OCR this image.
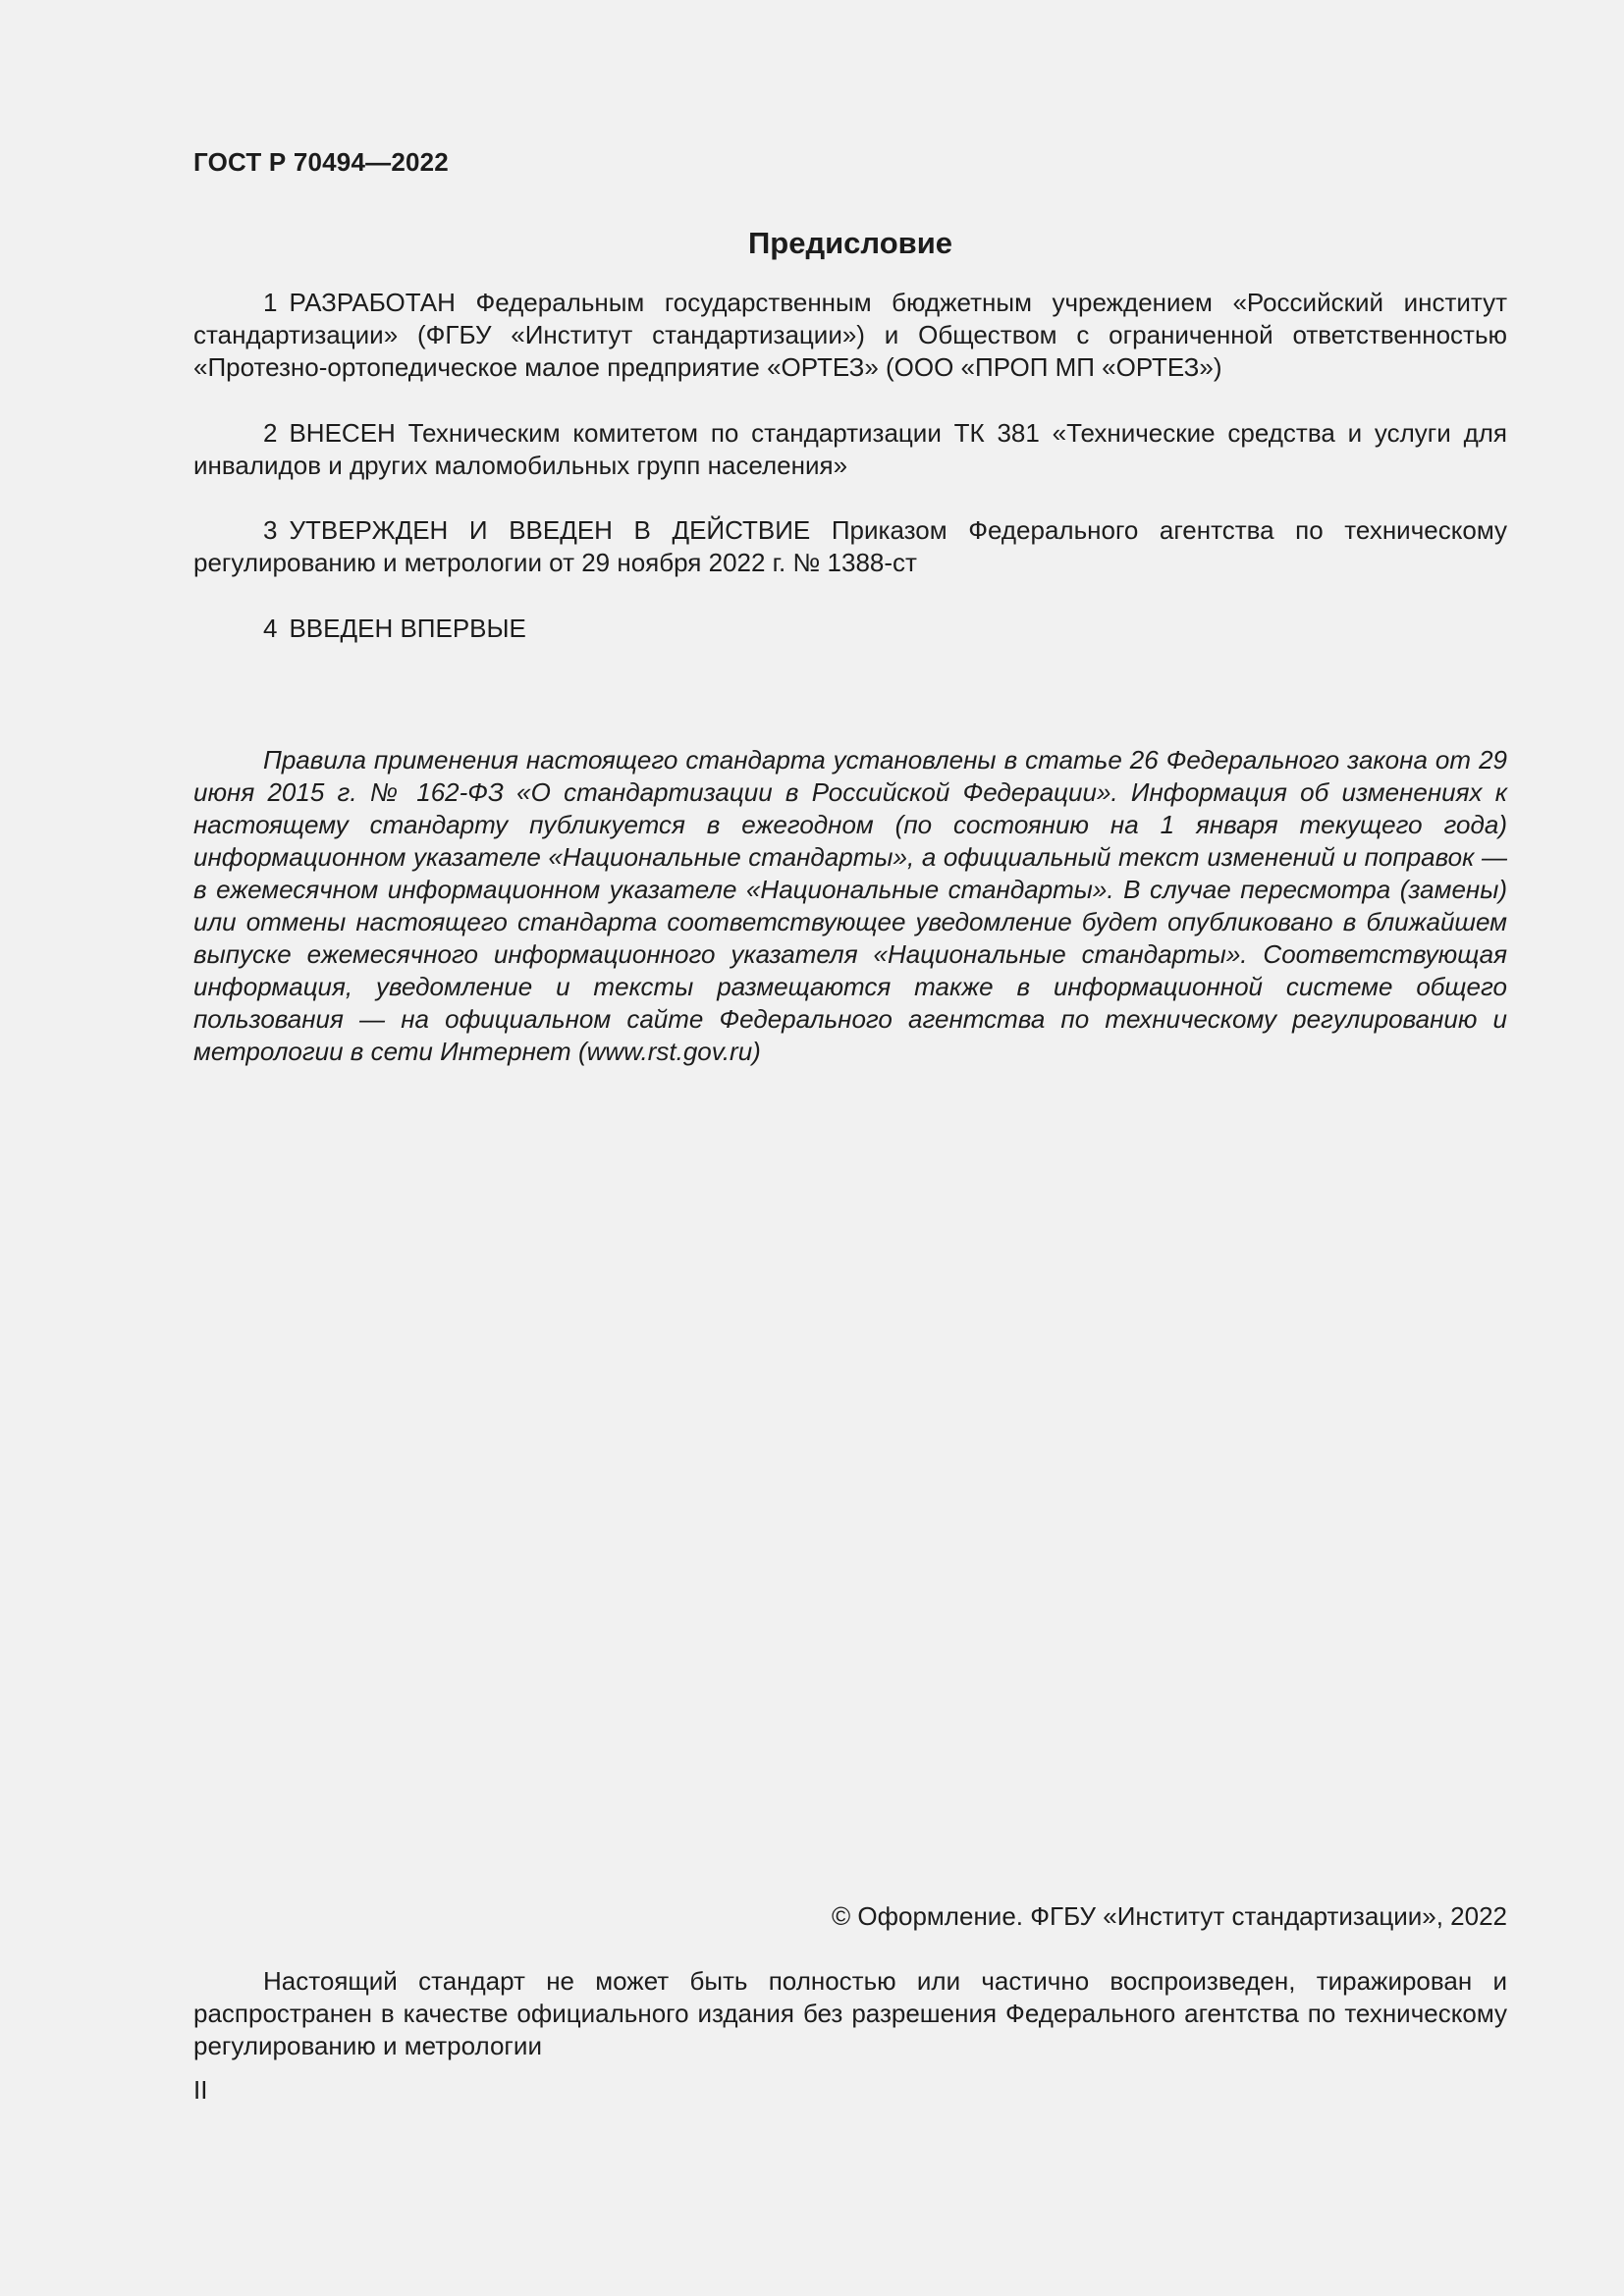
ГОСТ Р 70494—2022
Предисловие

1 РАЗРАБОТАН Федеральным государственным бюджетным учреждением «Российский институт стандартизации» (ФГБУ «Институт стандартизации») и Обществом с ограниченной ответственностью «Протезно-ортопедическое малое предприятие «ОРТЕЗ» (ООО «ПРОП МП «ОРТЕЗ»)

2 ВНЕСЕН Техническим комитетом по стандартизации ТК 381 «Технические средства и услуги для инвалидов и других маломобильных групп населения»

3 УТВЕРЖДЕН И ВВЕДЕН В ДЕЙСТВИЕ Приказом Федерального агентства по техническому регулированию и метрологии от 29 ноября 2022 г. № 1388-ст

4 ВВЕДЕН ВПЕРВЫЕ

Правила применения настоящего стандарта установлены в статье 26 Федерального закона от 29 июня 2015 г. № 162-ФЗ «О стандартизации в Российской Федерации». Информация об изменениях к настоящему стандарту публикуется в ежегодном (по состоянию на 1 января текущего года) информационном указателе «Национальные стандарты», а официальный текст изменений и поправок — в ежемесячном информационном указателе «Национальные стандарты». В случае пересмотра (замены) или отмены настоящего стандарта соответствующее уведомление будет опубликовано в ближайшем выпуске ежемесячного информационного указателя «Национальные стандарты». Соответствующая информация, уведомление и тексты размещаются также в информационной системе общего пользования — на официальном сайте Федерального агентства по техническому регулированию и метрологии в сети Интернет (www.rst.gov.ru)

© Оформление. ФГБУ «Институт стандартизации», 2022

Настоящий стандарт не может быть полностью или частично воспроизведен, тиражирован и распространен в качестве официального издания без разрешения Федерального агентства по техническому регулированию и метрологии

II
